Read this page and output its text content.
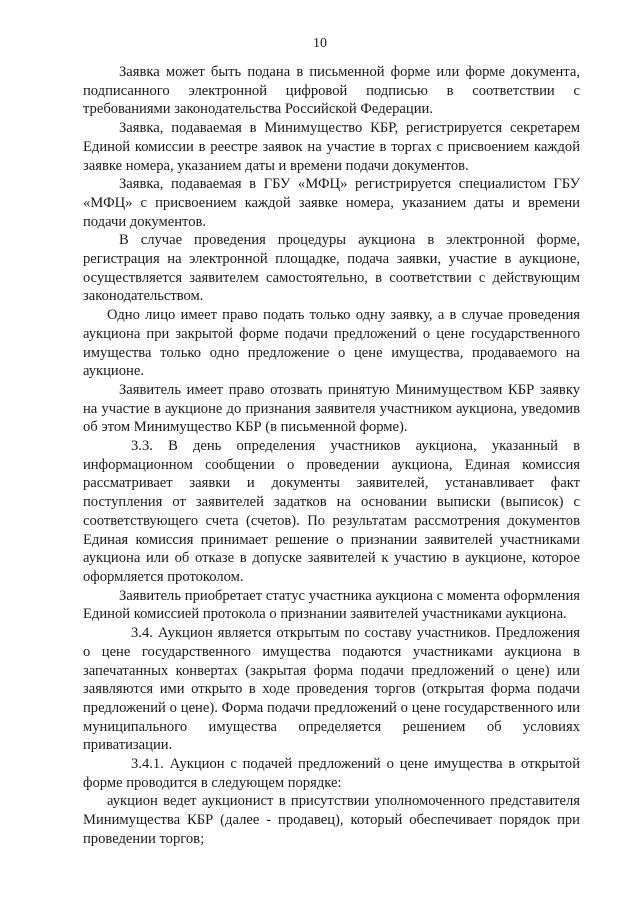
10

Заявка может быть подана в письменной форме или форме документа, подписанного электронной цифровой подписью в соответствии с требованиями законодательства Российской Федерации.

Заявка, подаваемая в Минимущество КБР, регистрируется секретарем Единой комиссии в реестре заявок на участие в торгах с присвоением каждой заявке номера, указанием даты и времени подачи документов.

Заявка, подаваемая в ГБУ «МФЦ» регистрируется специалистом ГБУ «МФЦ» с присвоением каждой заявке номера, указанием даты и времени подачи документов.

В случае проведения процедуры аукциона в электронной форме, регистрация на электронной площадке, подача заявки, участие в аукционе, осуществляется заявителем самостоятельно, в соответствии с действующим законодательством.

Одно лицо имеет право подать только одну заявку, а в случае проведения аукциона при закрытой форме подачи предложений о цене государственного имущества только одно предложение о цене имущества, продаваемого на аукционе.

Заявитель имеет право отозвать принятую Минимуществом КБР заявку на участие в аукционе до признания заявителя участником аукциона, уведомив об этом Минимущество КБР (в письменной форме).

3.3. В день определения участников аукциона, указанный в информационном сообщении о проведении аукциона, Единая комиссия рассматривает заявки и документы заявителей, устанавливает факт поступления от заявителей задатков на основании выписки (выписок) с соответствующего счета (счетов). По результатам рассмотрения документов Единая комиссия принимает решение о признании заявителей участниками аукциона или об отказе в допуске заявителей к участию в аукционе, которое оформляется протоколом.

Заявитель приобретает статус участника аукциона с момента оформления Единой комиссией протокола о признании заявителей участниками аукциона.

3.4. Аукцион является открытым по составу участников. Предложения о цене государственного имущества подаются участниками аукциона в запечатанных конвертах (закрытая форма подачи предложений о цене) или заявляются ими открыто в ходе проведения торгов (открытая форма подачи предложений о цене). Форма подачи предложений о цене государственного или муниципального имущества определяется решением об условиях приватизации.

3.4.1. Аукцион с подачей предложений о цене имущества в открытой форме проводится в следующем порядке:

аукцион ведет аукционист в присутствии уполномоченного представителя Минимущества КБР (далее - продавец), который обеспечивает порядок при проведении торгов;
